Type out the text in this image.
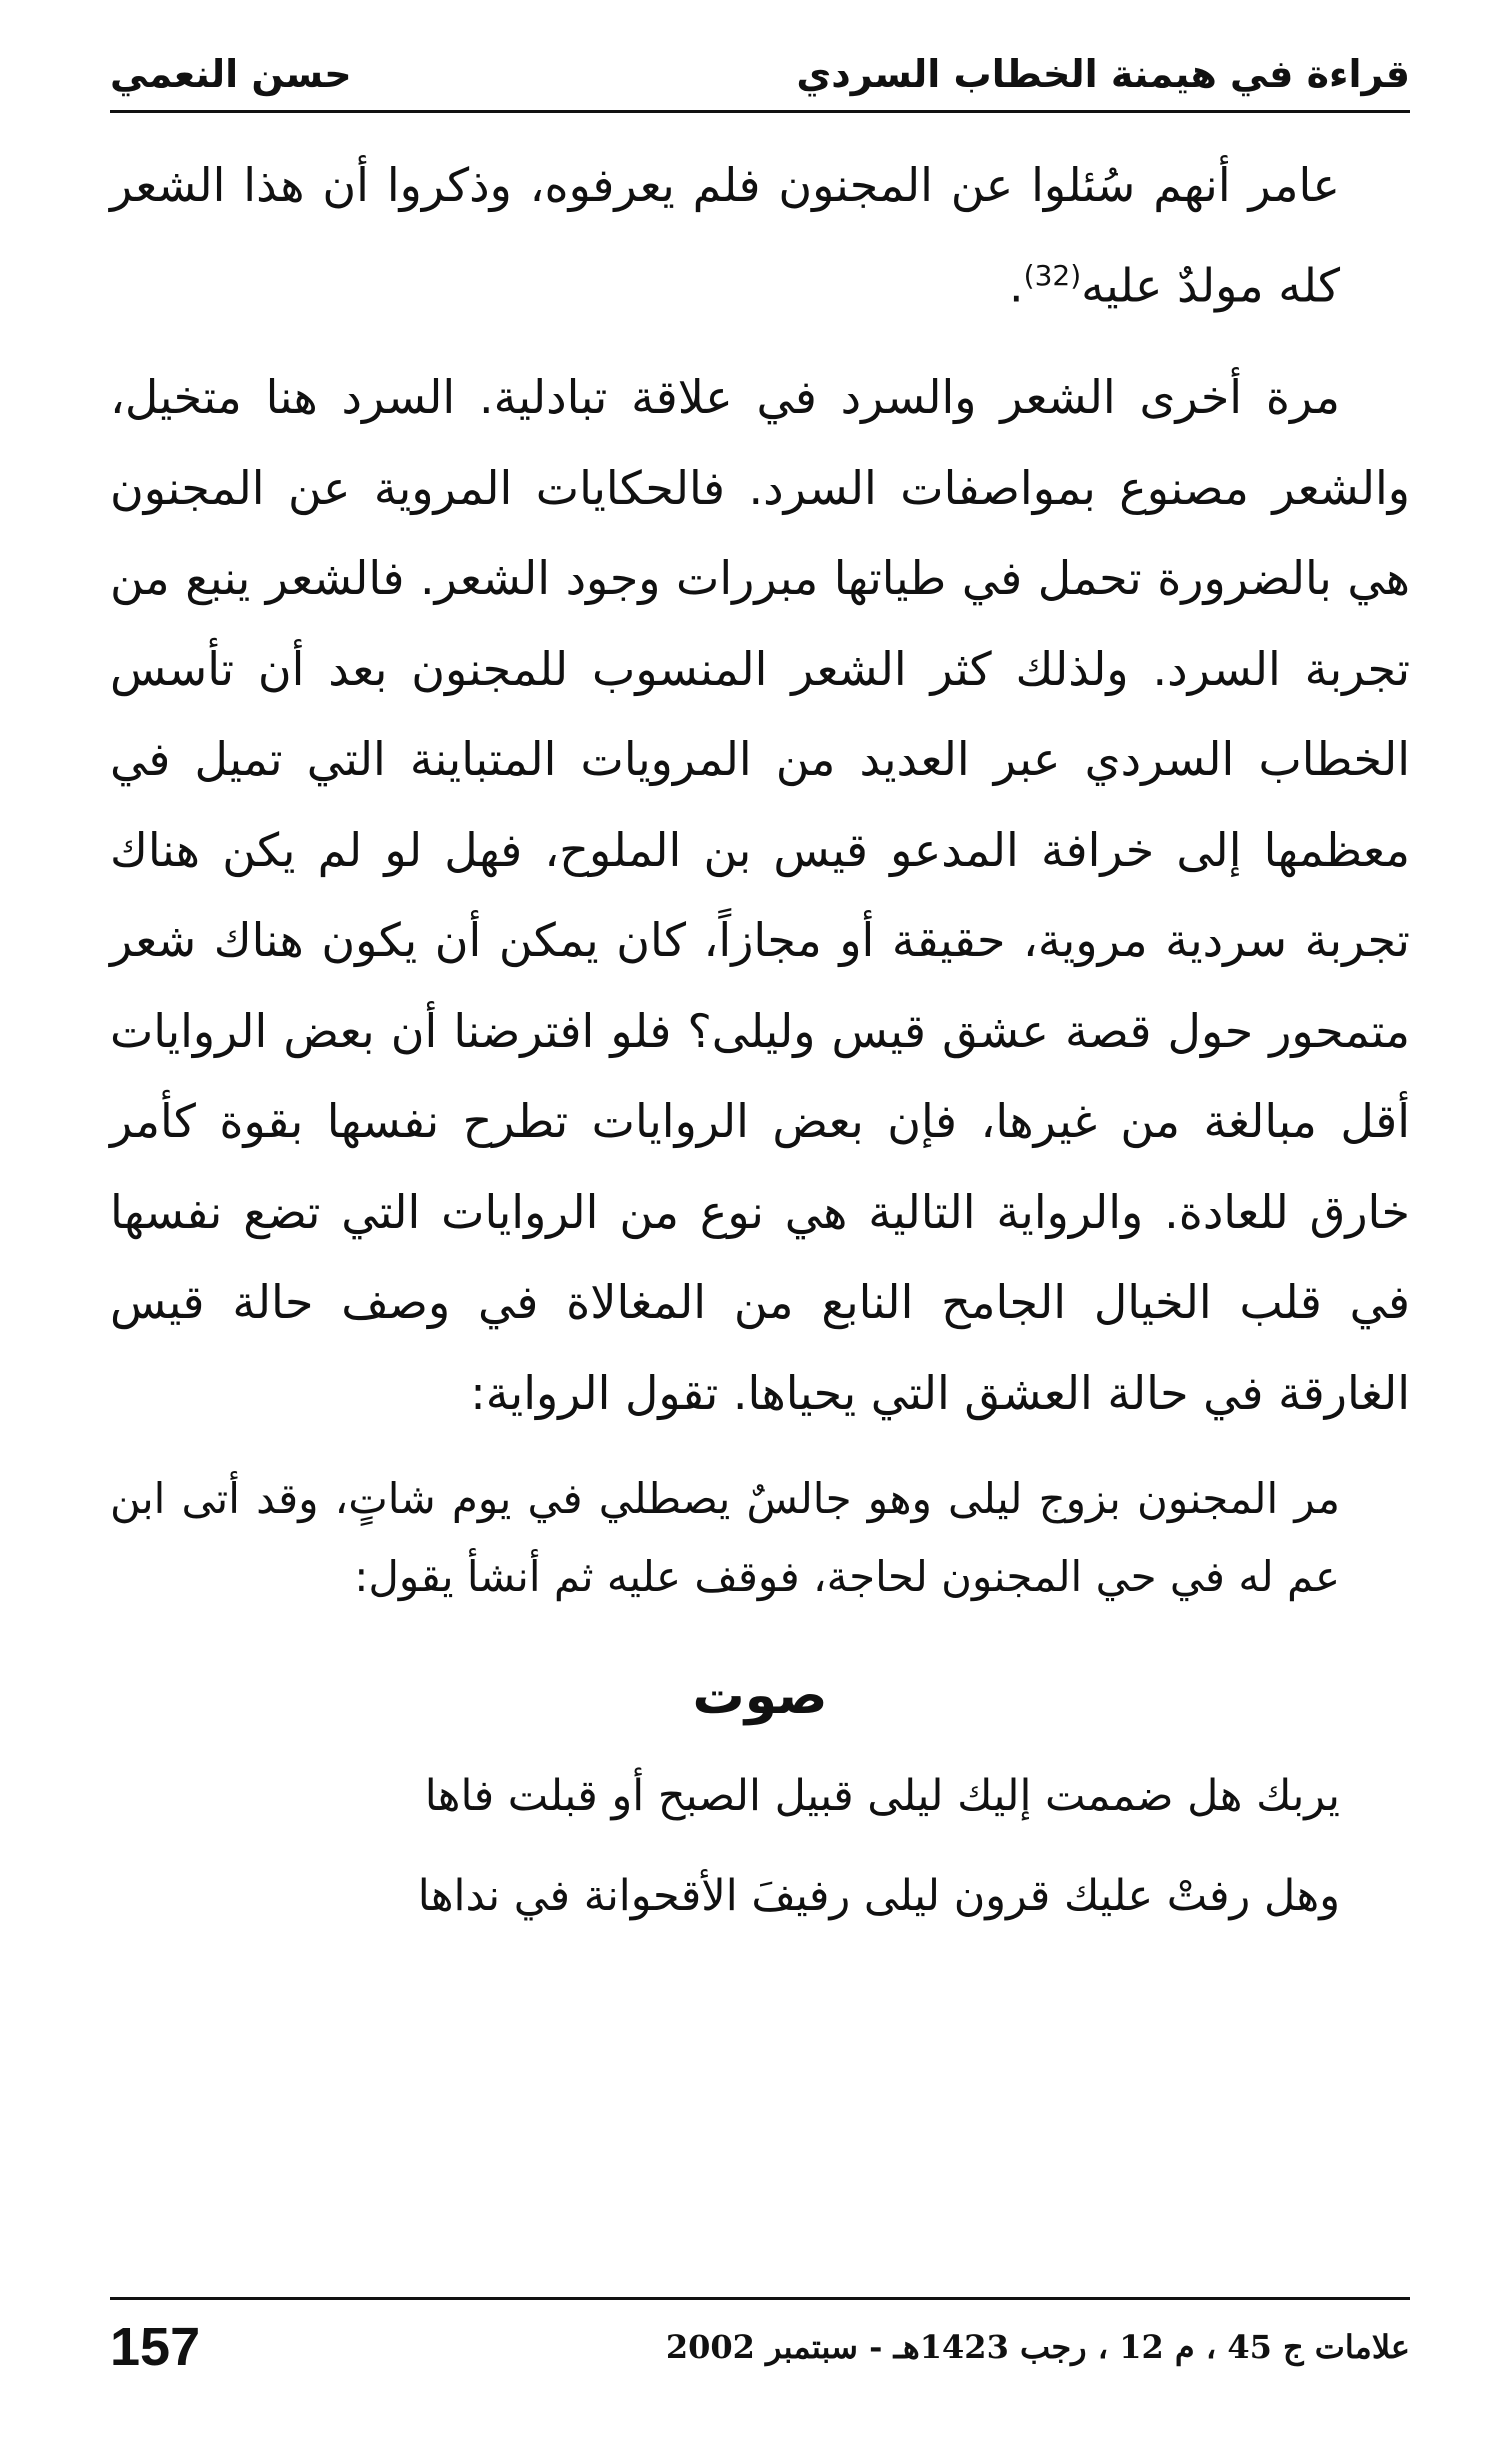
قراءة في هيمنة الخطاب السردي
حسن النعمي

عامر أنهم سُئلوا عن المجنون فلم يعرفوه، وذكروا أن هذا الشعر كله مولدٌ عليه$^{(32)}$.

مرة أخرى الشعر والسرد في علاقة تبادلية. السرد هنا متخيل، والشعر مصنوع بمواصفات السرد. فالحكايات المروية عن المجنون هي بالضرورة تحمل في طياتها مبررات وجود الشعر. فالشعر ينبع من تجربة السرد. ولذلك كثر الشعر المنسوب للمجنون بعد أن تأسس الخطاب السردي عبر العديد من المرويات المتباينة التي تميل في معظمها إلى خرافة المدعو قيس بن الملوح، فهل لو لم يكن هناك تجربة سردية مروية، حقيقة أو مجازاً، كان يمكن أن يكون هناك شعر متمحور حول قصة عشق قيس وليلى؟ فلو افترضنا أن بعض الروايات أقل مبالغة من غيرها، فإن بعض الروايات تطرح نفسها بقوة كأمر خارق للعادة. والرواية التالية هي نوع من الروايات التي تضع نفسها في قلب الخيال الجامح النابع من المغالاة في وصف حالة قيس الغارقة في حالة العشق التي يحياها. تقول الرواية:

مر المجنون بزوج ليلى وهو جالسٌ يصطلي في يوم شاتٍ، وقد أتى ابن عم له في حي المجنون لحاجة، فوقف عليه ثم أنشأ يقول:

صوت

يربك هل ضممت إليك ليلى قبيل الصبح أو قبلت فاها

وهل رفتْ عليك قرون ليلى رفيفَ الأقحوانة في نداها

علامات ج 45 ، م 12 ، رجب 1423هـ - سبتمبر 2002
157
